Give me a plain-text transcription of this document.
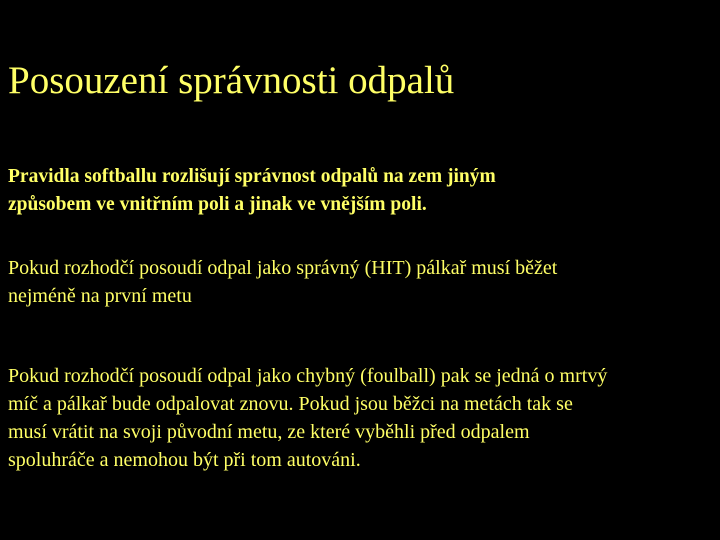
Posouzení správnosti odpalů

Pravidla softballu rozlišují správnost odpalů na zem jiným
způsobem ve vnitřním poli a jinak ve vnějším poli.

Pokud rozhodčí posoudí odpal jako správný (HIT) pálkař musí běžet
nejméně na první metu

Pokud rozhodčí posoudí odpal jako chybný (foulball) pak se jedná o mrtvý
míč a pálkař bude odpalovat znovu. Pokud jsou běžci na metách tak se
musí vrátit na svoji původní metu, ze které vyběhli před odpalem
spoluhráče a nemohou být při tom autováni.
